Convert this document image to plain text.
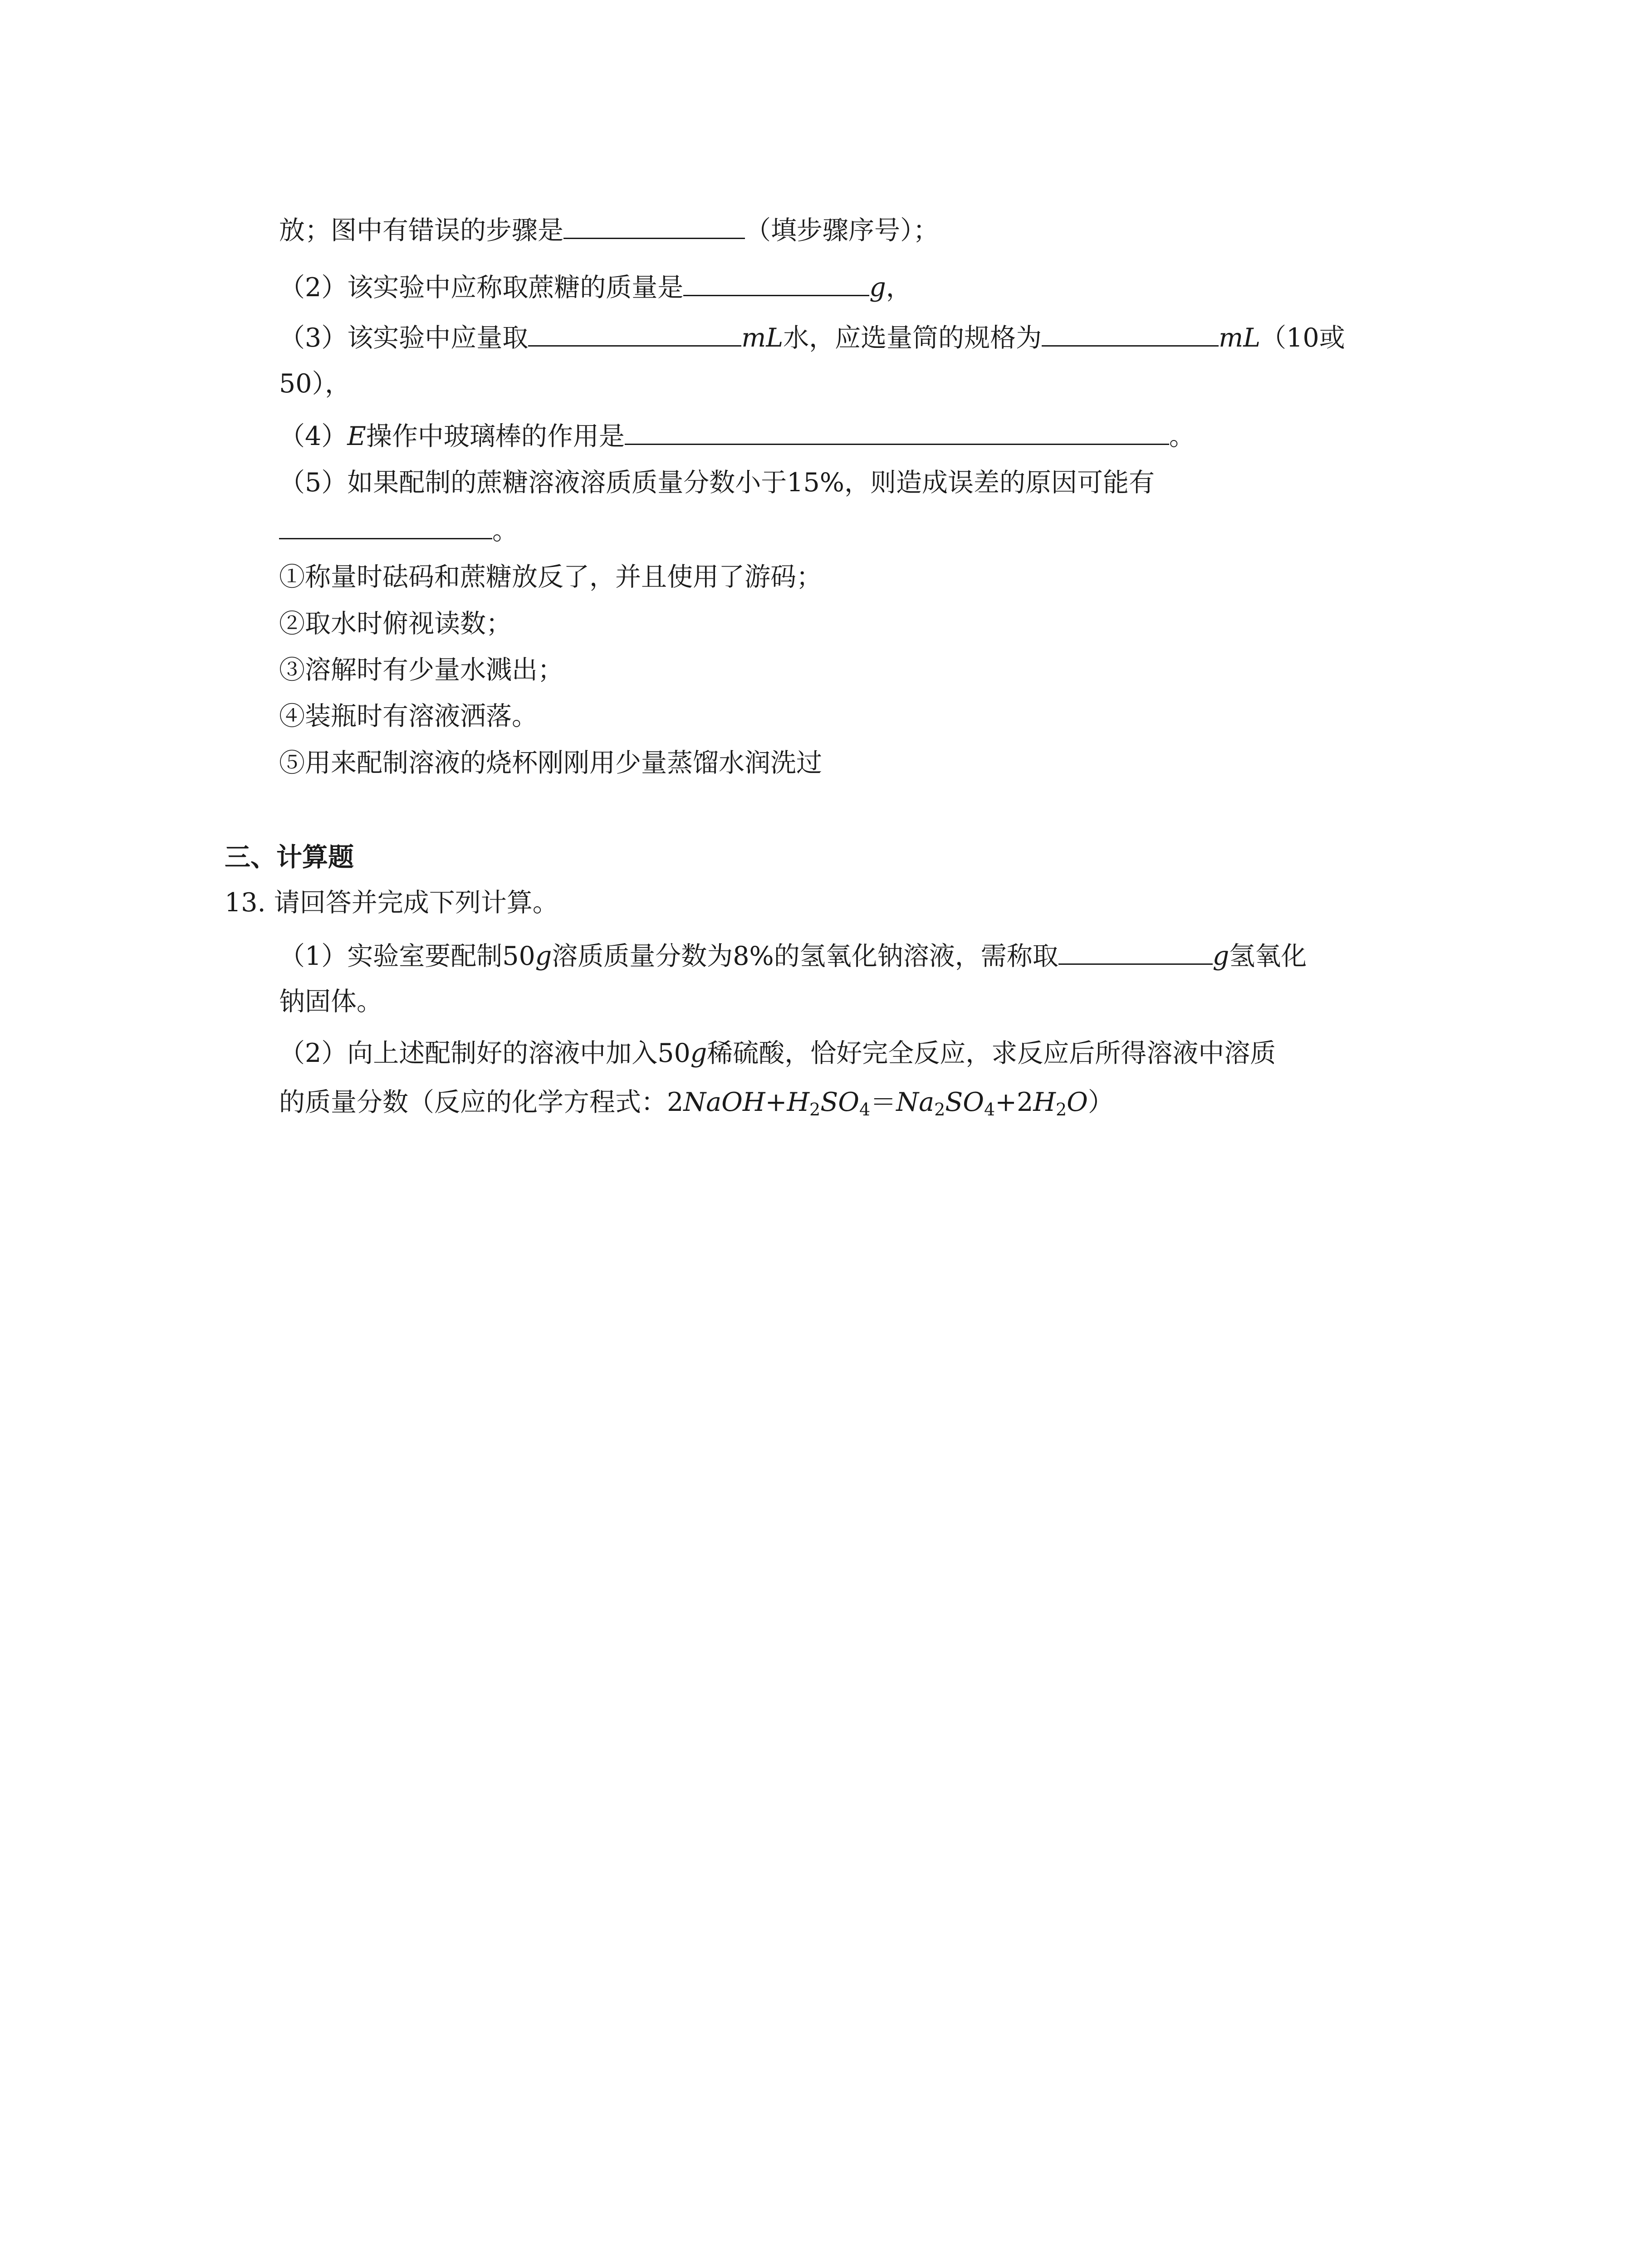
放；图中有错误的步骤是	（填步骤序号）；
（2）该实验中应称取蔗糖的质量是	g，
（3）该实验中应量取	mL水，应选量筒的规格为	mL（10或
50），
（4）E操作中玻璃棒的作用是	。
（5）如果配制的蔗糖溶液溶质质量分数小于15%，则造成误差的原因可能有
。
①称量时砝码和蔗糖放反了，并且使用了游码；
②取水时俯视读数；
③溶解时有少量水溅出；
④装瓶时有溶液洒落。
⑤用来配制溶液的烧杯刚刚用少量蒸馏水润洗过
三、计算题
13. 请回答并完成下列计算。
（1）实验室要配制50g溶质质量分数为8%的氢氧化钠溶液，需称取	g氢氧化
钠固体。
（2）向上述配制好的溶液中加入50g稀硫酸，恰好完全反应，求反应后所得溶液中溶质
的质量分数（反应的化学方程式：$2NaOH+H_2SO_4=Na_2SO_4+2H_2O$）
